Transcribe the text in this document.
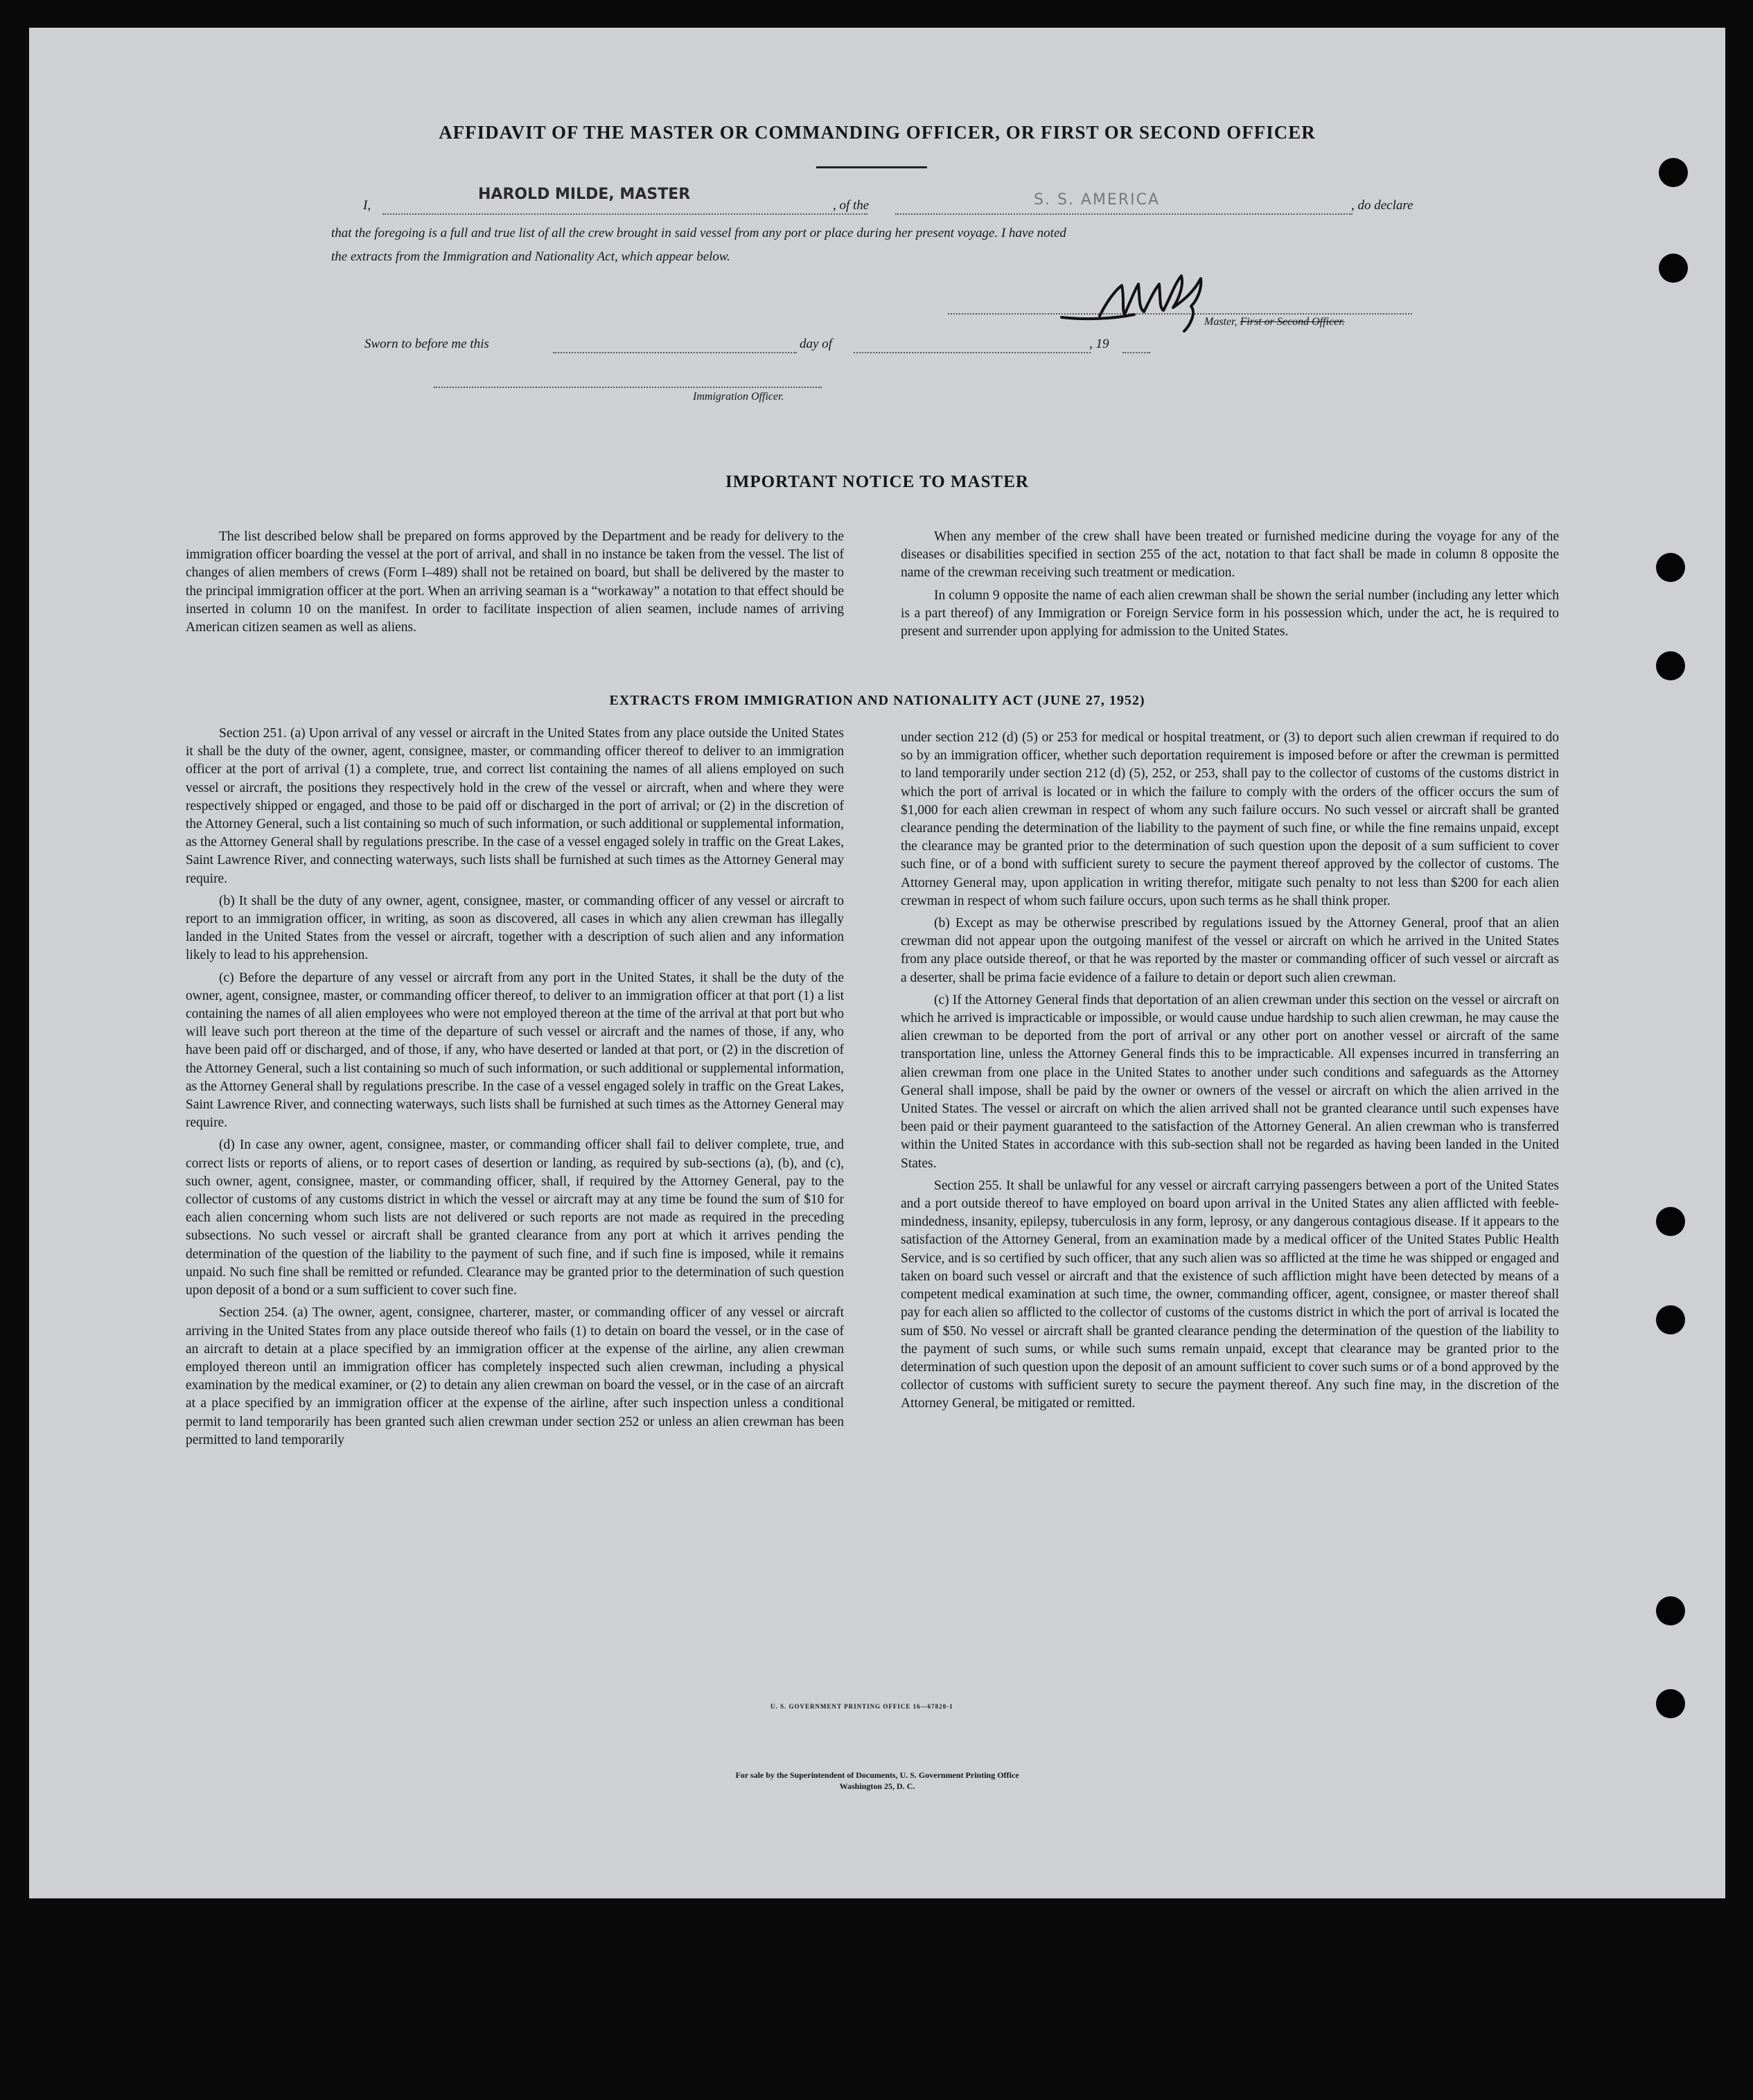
AFFIDAVIT OF THE MASTER OR COMMANDING OFFICER, OR FIRST OR SECOND OFFICER
I,
HAROLD MILDE, MASTER
, of the	S. S. AMERICA	, do declare
that the foregoing is a full and true list of all the crew brought in said vessel from any port or place during her present voyage. I have noted
the extracts from the Immigration and Nationality Act, which appear below.
Master, First or Second Officer.
Sworn to before me this	day of	, 19
Immigration Officer.
IMPORTANT NOTICE TO MASTER

The list described below shall be prepared on forms approved by the Department and be ready for delivery to the immigration officer boarding the vessel at the port of arrival, and shall in no instance be taken from the vessel. The list of changes of alien members of crews (Form I–489) shall not be retained on board, but shall be delivered by the master to the principal immigration officer at the port. When an arriving seaman is a “workaway” a notation to that effect should be inserted in column 10 on the manifest. In order to facilitate inspection of alien seamen, include names of arriving American citizen seamen as well as aliens.

When any member of the crew shall have been treated or furnished medicine during the voyage for any of the diseases or disabilities specified in section 255 of the act, notation to that fact shall be made in column 8 opposite the name of the crewman receiving such treatment or medication.

In column 9 opposite the name of each alien crewman shall be shown the serial number (including any letter which is a part thereof) of any Immigration or Foreign Service form in his possession which, under the act, he is required to present and surrender upon applying for admission to the United States.

EXTRACTS FROM IMMIGRATION AND NATIONALITY ACT (JUNE 27, 1952)

Section 251. (a) Upon arrival of any vessel or aircraft in the United States from any place outside the United States it shall be the duty of the owner, agent, consignee, master, or commanding officer thereof to deliver to an immigration officer at the port of arrival (1) a complete, true, and correct list containing the names of all aliens employed on such vessel or aircraft, the positions they respectively hold in the crew of the vessel or aircraft, when and where they were respectively shipped or engaged, and those to be paid off or discharged in the port of arrival; or (2) in the discretion of the Attorney General, such a list containing so much of such information, or such additional or supplemental information, as the Attorney General shall by regulations prescribe. In the case of a vessel engaged solely in traffic on the Great Lakes, Saint Lawrence River, and connecting waterways, such lists shall be furnished at such times as the Attorney General may require.

(b) It shall be the duty of any owner, agent, consignee, master, or commanding officer of any vessel or aircraft to report to an immigration officer, in writing, as soon as discovered, all cases in which any alien crewman has illegally landed in the United States from the vessel or aircraft, together with a description of such alien and any information likely to lead to his apprehension.

(c) Before the departure of any vessel or aircraft from any port in the United States, it shall be the duty of the owner, agent, consignee, master, or commanding officer thereof, to deliver to an immigration officer at that port (1) a list containing the names of all alien employees who were not employed thereon at the time of the arrival at that port but who will leave such port thereon at the time of the departure of such vessel or aircraft and the names of those, if any, who have been paid off or discharged, and of those, if any, who have deserted or landed at that port, or (2) in the discretion of the Attorney General, such a list containing so much of such information, or such additional or supplemental information, as the Attorney General shall by regulations prescribe. In the case of a vessel engaged solely in traffic on the Great Lakes, Saint Lawrence River, and connecting waterways, such lists shall be furnished at such times as the Attorney General may require.

(d) In case any owner, agent, consignee, master, or commanding officer shall fail to deliver complete, true, and correct lists or reports of aliens, or to report cases of desertion or landing, as required by sub-sections (a), (b), and (c), such owner, agent, consignee, master, or commanding officer, shall, if required by the Attorney General, pay to the collector of customs of any customs district in which the vessel or aircraft may at any time be found the sum of $10 for each alien concerning whom such lists are not delivered or such reports are not made as required in the preceding subsections. No such vessel or aircraft shall be granted clearance from any port at which it arrives pending the determination of the question of the liability to the payment of such fine, and if such fine is imposed, while it remains unpaid. No such fine shall be remitted or refunded. Clearance may be granted prior to the determination of such question upon deposit of a bond or a sum sufficient to cover such fine.

Section 254. (a) The owner, agent, consignee, charterer, master, or commanding officer of any vessel or aircraft arriving in the United States from any place outside thereof who fails (1) to detain on board the vessel, or in the case of an aircraft to detain at a place specified by an immigration officer at the expense of the airline, any alien crewman employed thereon until an immigration officer has completely inspected such alien crewman, including a physical examination by the medical examiner, or (2) to detain any alien crewman on board the vessel, or in the case of an aircraft at a place specified by an immigration officer at the expense of the airline, after such inspection unless a conditional permit to land temporarily has been granted such alien crewman under section 252 or unless an alien crewman has been permitted to land temporarily

under section 212 (d) (5) or 253 for medical or hospital treatment, or (3) to deport such alien crewman if required to do so by an immigration officer, whether such deportation requirement is imposed before or after the crewman is permitted to land temporarily under section 212 (d) (5), 252, or 253, shall pay to the collector of customs of the customs district in which the port of arrival is located or in which the failure to comply with the orders of the officer occurs the sum of $1,000 for each alien crewman in respect of whom any such failure occurs. No such vessel or aircraft shall be granted clearance pending the determination of the liability to the payment of such fine, or while the fine remains unpaid, except the clearance may be granted prior to the determination of such question upon the deposit of a sum sufficient to cover such fine, or of a bond with sufficient surety to secure the payment thereof approved by the collector of customs. The Attorney General may, upon application in writing therefor, mitigate such penalty to not less than $200 for each alien crewman in respect of whom such failure occurs, upon such terms as he shall think proper.

(b) Except as may be otherwise prescribed by regulations issued by the Attorney General, proof that an alien crewman did not appear upon the outgoing manifest of the vessel or aircraft on which he arrived in the United States from any place outside thereof, or that he was reported by the master or commanding officer of such vessel or aircraft as a deserter, shall be prima facie evidence of a failure to detain or deport such alien crewman.

(c) If the Attorney General finds that deportation of an alien crewman under this section on the vessel or aircraft on which he arrived is impracticable or impossible, or would cause undue hardship to such alien crewman, he may cause the alien crewman to be deported from the port of arrival or any other port on another vessel or aircraft of the same transportation line, unless the Attorney General finds this to be impracticable. All expenses incurred in transferring an alien crewman from one place in the United States to another under such conditions and safeguards as the Attorney General shall impose, shall be paid by the owner or owners of the vessel or aircraft on which the alien arrived in the United States. The vessel or aircraft on which the alien arrived shall not be granted clearance until such expenses have been paid or their payment guaranteed to the satisfaction of the Attorney General. An alien crewman who is transferred within the United States in accordance with this sub-section shall not be regarded as having been landed in the United States.

Section 255. It shall be unlawful for any vessel or aircraft carrying passengers between a port of the United States and a port outside thereof to have employed on board upon arrival in the United States any alien afflicted with feeble-mindedness, insanity, epilepsy, tuberculosis in any form, leprosy, or any dangerous contagious disease. If it appears to the satisfaction of the Attorney General, from an examination made by a medical officer of the United States Public Health Service, and is so certified by such officer, that any such alien was so afflicted at the time he was shipped or engaged and taken on board such vessel or aircraft and that the existence of such affliction might have been detected by means of a competent medical examination at such time, the owner, commanding officer, agent, consignee, or master thereof shall pay for each alien so afflicted to the collector of customs of the customs district in which the port of arrival is located the sum of $50. No vessel or aircraft shall be granted clearance pending the determination of the question of the liability to the payment of such sums, or while such sums remain unpaid, except that clearance may be granted prior to the determination of such question upon the deposit of an amount sufficient to cover such sums or of a bond approved by the collector of customs with sufficient surety to secure the payment thereof. Any such fine may, in the discretion of the Attorney General, be mitigated or remitted.

U. S. GOVERNMENT PRINTING OFFICE 16—67820-1
For sale by the Superintendent of Documents, U. S. Government Printing Office
Washington 25, D. C.
